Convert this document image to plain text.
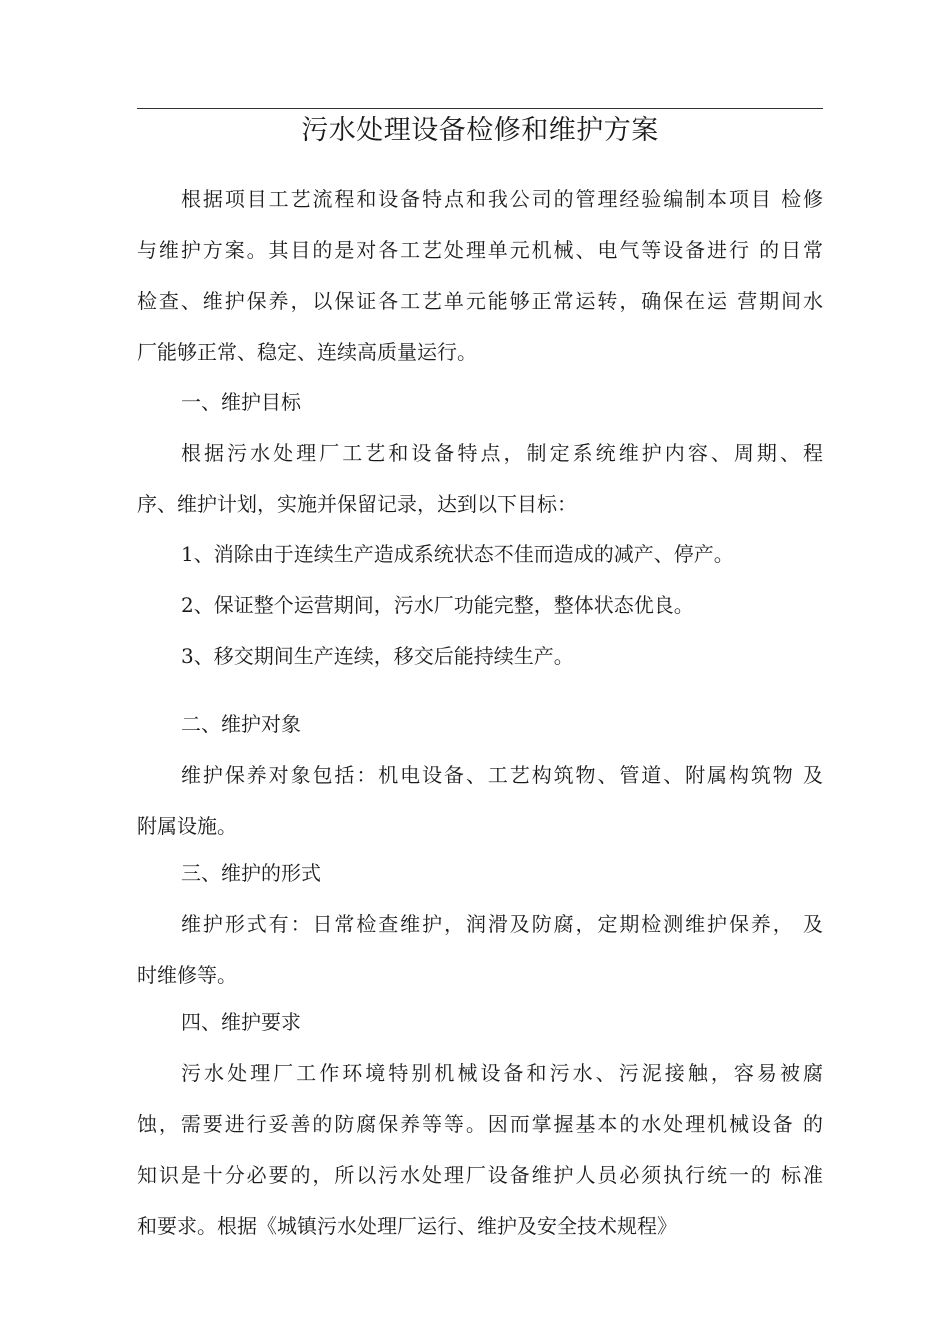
污水处理设备检修和维护方案
根据项目工艺流程和设备特点和我公司的管理经验编制本项目 检修
与维护方案。其目的是对各工艺处理单元机械、电气等设备进行 的日常
检查、维护保养，以保证各工艺单元能够正常运转，确保在运 营期间水
厂能够正常、稳定、连续高质量运行。
一、维护目标
根据污水处理厂工艺和设备特点，制定系统维护内容、周期、程
序、维护计划，实施并保留记录，达到以下目标：
1、消除由于连续生产造成系统状态不佳而造成的减产、停产。
2、保证整个运营期间，污水厂功能完整，整体状态优良。
3、移交期间生产连续，移交后能持续生产。
二、维护对象
维护保养对象包括：机电设备、工艺构筑物、管道、附属构筑物 及
附属设施。
三、维护的形式
维护形式有：日常检查维护，润滑及防腐，定期检测维护保养， 及
时维修等。
四、维护要求
污水处理厂工作环境特别机械设备和污水、污泥接触，容易被腐
蚀，需要进行妥善的防腐保养等等。因而掌握基本的水处理机械设备 的
知识是十分必要的，所以污水处理厂设备维护人员必须执行统一的 标准
和要求。根据《城镇污水处理厂运行、维护及安全技术规程》
